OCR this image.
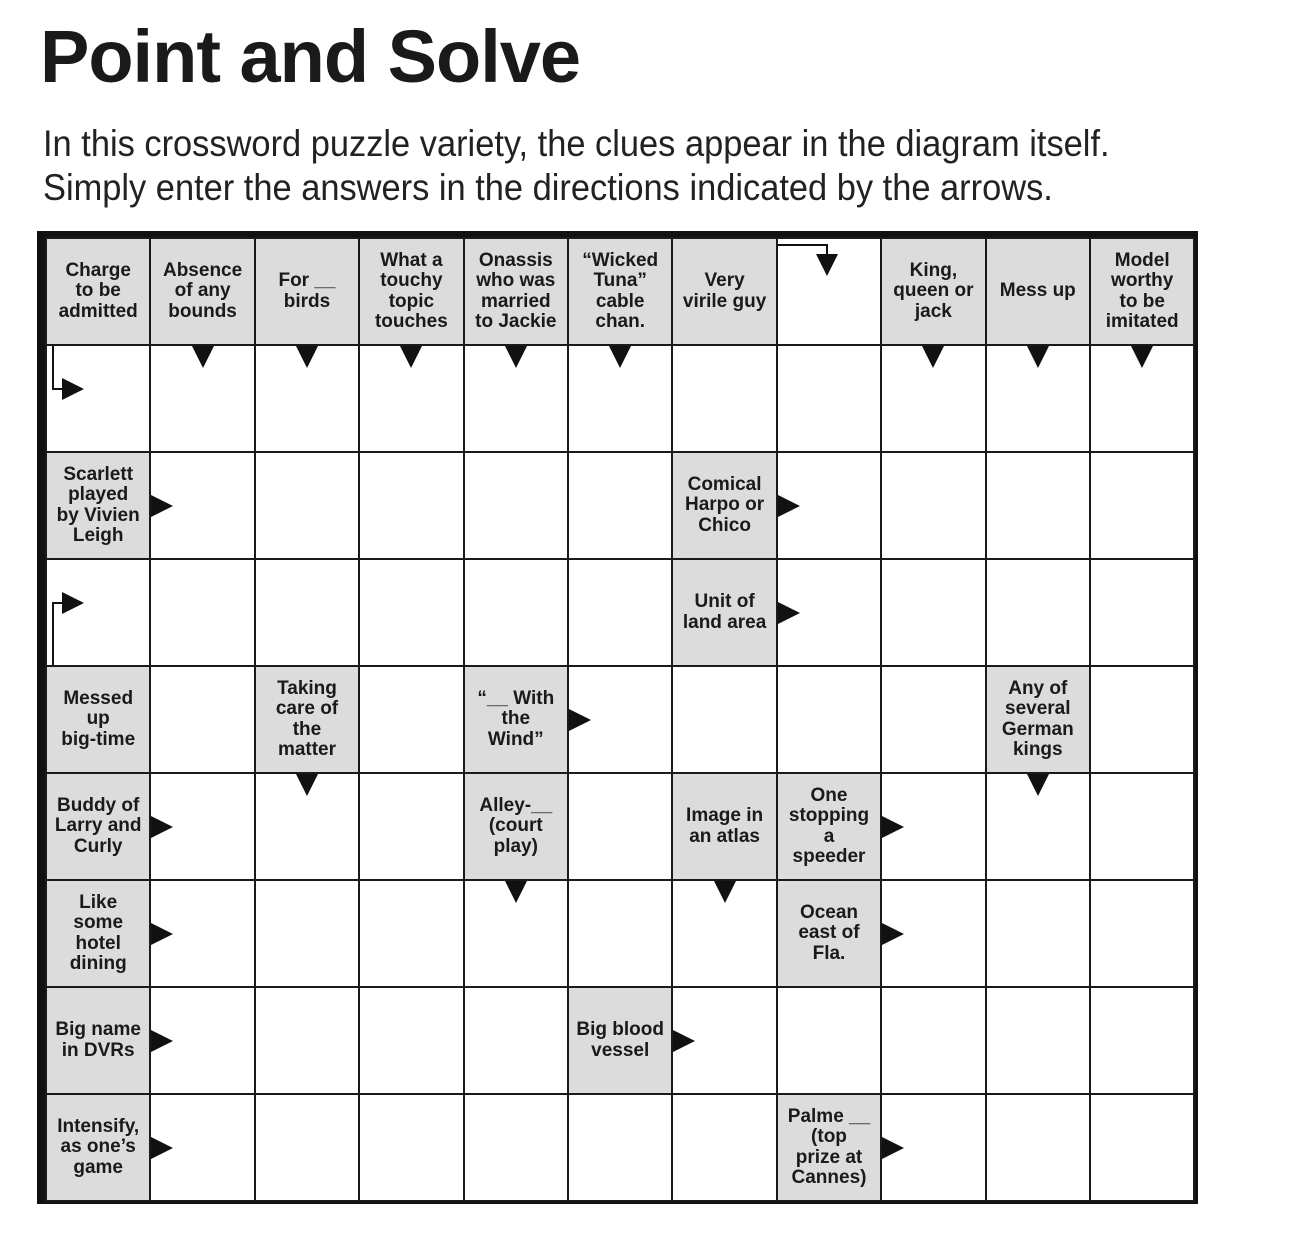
Point and Solve

In this crossword puzzle variety, the clues appear in the diagram itself.
Simply enter the answers in the directions indicated by the arrows.

Charge
to be
admitted
Absence
of any
bounds
For __
birds
What a
touchy
topic
touches
Onassis
who was
married
to Jackie
“Wicked
Tuna”
cable
chan.
Very
virile guy
King,
queen or
jack
Mess up
Model
worthy
to be
imitated
Scarlett
played
by Vivien
Leigh
Comical
Harpo or
Chico
Unit of
land area
Messed
up
big-time
Taking
care of
the
matter
“__ With
the
Wind”
Any of
several
German
kings
Buddy of
Larry and
Curly
Alley-__
(court
play)
Image in
an atlas
One
stopping
a
speeder
Like
some
hotel
dining
Ocean
east of
Fla.
Big name
in DVRs
Big blood
vessel
Intensify,
as one’s
game
Palme __
(top
prize at
Cannes)
